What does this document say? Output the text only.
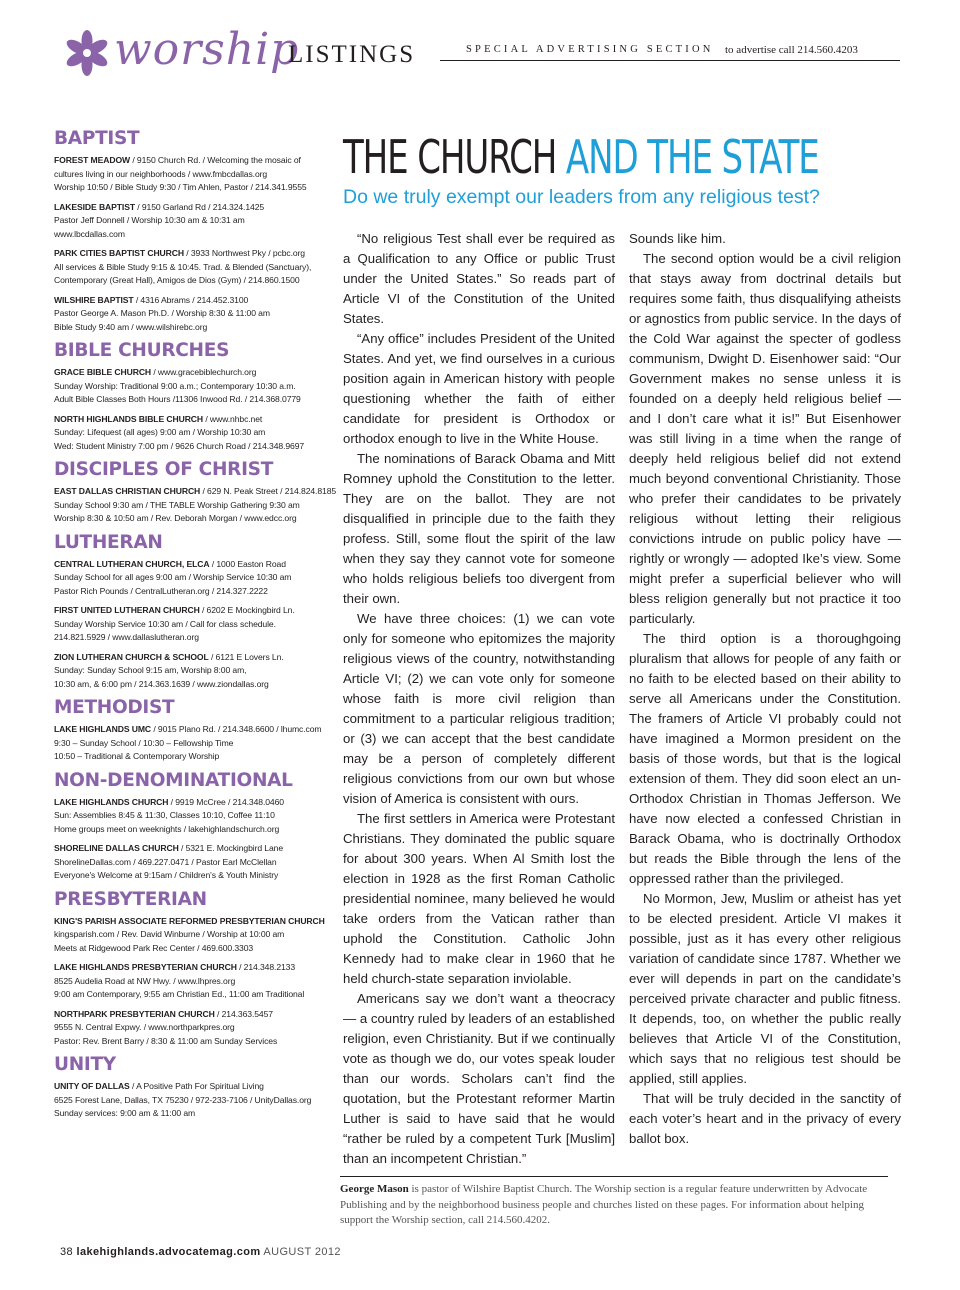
worship
LISTINGS	SPECIAL ADVERTISING SECTION to advertise call 214.560.4203
BAPTIST
FOREST MEADOW / 9150 Church Rd. / Welcoming the mosaic of
cultures living in our neighborhoods / www.fmbcdallas.org
Worship 10:50 / Bible Study 9:30 / Tim Ahlen, Pastor / 214.341.9555
LAKESIDE BAPTIST / 9150 Garland Rd / 214.324.1425
Pastor Jeff Donnell / Worship 10:30 am & 10:31 am
www.lbcdallas.com
PARK CITIES BAPTIST CHURCH / 3933 Northwest Pky / pcbc.org
All services & Bible Study 9:15 & 10:45. Trad. & Blended (Sanctuary),
Contemporary (Great Hall), Amigos de Dios (Gym) / 214.860.1500
WILSHIRE BAPTIST / 4316 Abrams / 214.452.3100
Pastor George A. Mason Ph.D. / Worship 8:30 & 11:00 am
Bible Study 9:40 am / www.wilshirebc.org
BIBLE CHURCHES
GRACE BIBLE CHURCH / www.gracebiblechurch.org
Sunday Worship: Traditional 9:00 a.m.; Contemporary 10:30 a.m.
Adult Bible Classes Both Hours /11306 Inwood Rd. / 214.368.0779
NORTH HIGHLANDS BIBLE CHURCH / www.nhbc.net
Sunday: Lifequest (all ages) 9:00 am / Worship 10:30 am
Wed: Student Ministry 7:00 pm / 9626 Church Road / 214.348.9697
DISCIPLES OF CHRIST
EAST DALLAS CHRISTIAN CHURCH / 629 N. Peak Street / 214.824.8185
Sunday School 9:30 am / THE TABLE Worship Gathering 9:30 am
Worship 8:30 & 10:50 am / Rev. Deborah Morgan / www.edcc.org
LUTHERAN
CENTRAL LUTHERAN CHURCH, ELCA / 1000 Easton Road
Sunday School for all ages 9:00 am / Worship Service 10:30 am
Pastor Rich Pounds / CentralLutheran.org / 214.327.2222
FIRST UNITED LUTHERAN CHURCH / 6202 E Mockingbird Ln.
Sunday Worship Service 10:30 am / Call for class schedule.
214.821.5929 / www.dallaslutheran.org
ZION LUTHERAN CHURCH & SCHOOL / 6121 E Lovers Ln.
Sunday: Sunday School 9:15 am, Worship 8:00 am,
10:30 am, & 6:00 pm / 214.363.1639 / www.ziondallas.org
METHODIST
LAKE HIGHLANDS UMC / 9015 Plano Rd. / 214.348.6600 / lhumc.com
9:30 – Sunday School / 10:30 – Fellowship Time
10:50 – Traditional & Contemporary Worship
NON-DENOMINATIONAL
LAKE HIGHLANDS CHURCH / 9919 McCree / 214.348.0460
Sun: Assemblies 8:45 & 11:30, Classes 10:10, Coffee 11:10
Home groups meet on weeknights / lakehighlandschurch.org
SHORELINE DALLAS CHURCH / 5321 E. Mockingbird Lane
ShorelineDallas.com / 469.227.0471 / Pastor Earl McClellan
Everyone's Welcome at 9:15am / Children's & Youth Ministry
PRESBYTERIAN
KING'S PARISH ASSOCIATE REFORMED PRESBYTERIAN CHURCH
kingsparish.com / Rev. David Winburne / Worship at 10:00 am
Meets at Ridgewood Park Rec Center / 469.600.3303
LAKE HIGHLANDS PRESBYTERIAN CHURCH / 214.348.2133
8525 Audelia Road at NW Hwy. / www.lhpres.org
9:00 am Contemporary, 9:55 am Christian Ed., 11:00 am Traditional
NORTHPARK PRESBYTERIAN CHURCH / 214.363.5457
9555 N. Central Expwy. / www.northparkpres.org
Pastor: Rev. Brent Barry / 8:30 & 11:00 am Sunday Services
UNITY
UNITY OF DALLAS / A Positive Path For Spiritual Living
6525 Forest Lane, Dallas, TX 75230 / 972-233-7106 / UnityDallas.org
Sunday services: 9:00 am & 11:00 am
THE CHURCH AND THE STATE
Do we truly exempt our leaders from any religious test?

“No religious Test shall ever be required as a Qualification to any Office or public Trust under the United States.” So reads part of Article VI of the Constitution of the United States.

“Any office” includes President of the United States. And yet, we find ourselves in a curious position again in American history with people questioning whether the faith of either candidate for president is Orthodox or orthodox enough to live in the White House.

The nominations of Barack Obama and Mitt Romney uphold the Constitution to the letter. They are on the ballot. They are not disqualified in principle due to the faith they profess. Still, some flout the spirit of the law when they say they cannot vote for someone who holds religious beliefs too divergent from their own.

We have three choices: (1) we can vote only for someone who epitomizes the majority religious views of the country, notwithstanding Article VI; (2) we can vote only for someone whose faith is more civil religion than commitment to a particular religious tradition; or (3) we can accept that the best candidate may be a person of completely different religious convictions from our own but whose vision of America is consistent with ours.

The first settlers in America were Protestant Christians. They dominated the public square for about 300 years. When Al Smith lost the election in 1928 as the first Roman Catholic presidential nominee, many believed he would take orders from the Vatican rather than uphold the Constitution. Catholic John Kennedy had to make clear in 1960 that he held church-state separation inviolable.

Americans say we don’t want a theocracy — a country ruled by leaders of an established religion, even Christianity. But if we continually vote as though we do, our votes speak louder than our words. Scholars can’t find the quotation, but the Protestant reformer Martin Luther is said to have said that he would “rather be ruled by a competent Turk [Muslim] than an incompetent Christian.”

Sounds like him.

The second option would be a civil religion that stays away from doctrinal details but requires some faith, thus disqualifying atheists or agnostics from public service. In the days of the Cold War against the specter of godless communism, Dwight D. Eisenhower said: “Our Government makes no sense unless it is founded on a deeply held religious belief — and I don’t care what it is!” But Eisenhower was still living in a time when the range of deeply held religious belief did not extend much beyond conventional Christianity. Those who prefer their candidates to be privately religious without letting their religious convictions intrude on public policy have — rightly or wrongly — adopted Ike’s view. Some might prefer a superficial believer who will bless religion generally but not practice it too particularly.

The third option is a thoroughgoing pluralism that allows for people of any faith or no faith to be elected based on their ability to serve all Americans under the Constitution. The framers of Article VI probably could not have imagined a Mormon president on the basis of those words, but that is the logical extension of them. They did soon elect an un-Orthodox Christian in Thomas Jefferson. We have now elected a confessed Christian in Barack Obama, who is doctrinally Orthodox but reads the Bible through the lens of the oppressed rather than the privileged.

No Mormon, Jew, Muslim or atheist has yet to be elected president. Article VI makes it possible, just as it has every other religious variation of candidate since 1787. Whether we ever will depends in part on the candidate’s perceived private character and public fitness. It depends, too, on whether the public really believes that Article VI of the Constitution, which says that no religious test should be applied, still applies.

That will be truly decided in the sanctity of each voter’s heart and in the privacy of every ballot box.

George Mason is pastor of Wilshire Baptist Church. The Worship section is a regular feature underwritten by Advocate Publishing and by the neighborhood business people and churches listed on these pages. For information about helping support the Worship section, call 214.560.4202.
38 lakehighlands.advocatemag.com AUGUST 2012
